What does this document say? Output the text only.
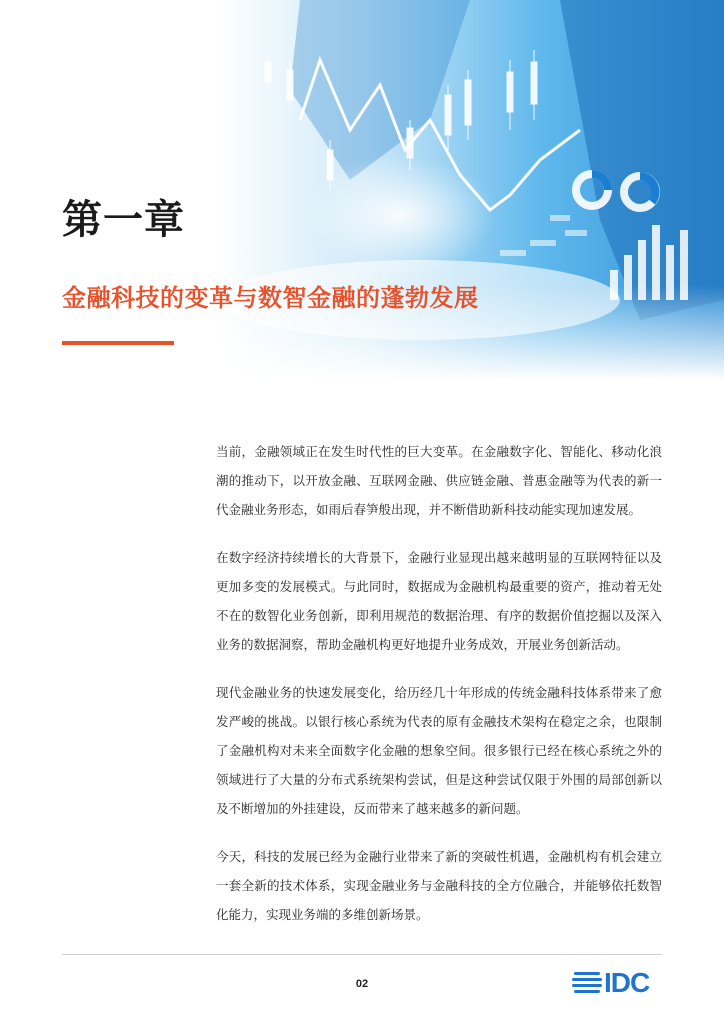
第一章
金融科技的变革与数智金融的蓬勃发展

当前，金融领域正在发生时代性的巨大变革。在金融数字化、智能化、移动化浪潮的推动下，以开放金融、互联网金融、供应链金融、普惠金融等为代表的新一代金融业务形态，如雨后春笋般出现，并不断借助新科技动能实现加速发展。

在数字经济持续增长的大背景下，金融行业显现出越来越明显的互联网特征以及更加多变的发展模式。与此同时，数据成为金融机构最重要的资产，推动着无处不在的数智化业务创新，即利用规范的数据治理、有序的数据价值挖掘以及深入业务的数据洞察，帮助金融机构更好地提升业务成效，开展业务创新活动。

现代金融业务的快速发展变化，给历经几十年形成的传统金融科技体系带来了愈发严峻的挑战。以银行核心系统为代表的原有金融技术架构在稳定之余，也限制了金融机构对未来全面数字化金融的想象空间。很多银行已经在核心系统之外的领域进行了大量的分布式系统架构尝试，但是这种尝试仅限于外围的局部创新以及不断增加的外挂建设，反而带来了越来越多的新问题。

今天，科技的发展已经为金融行业带来了新的突破性机遇，金融机构有机会建立一套全新的技术体系，实现金融业务与金融科技的全方位融合，并能够依托数智化能力，实现业务端的多维创新场景。

02	IDC
